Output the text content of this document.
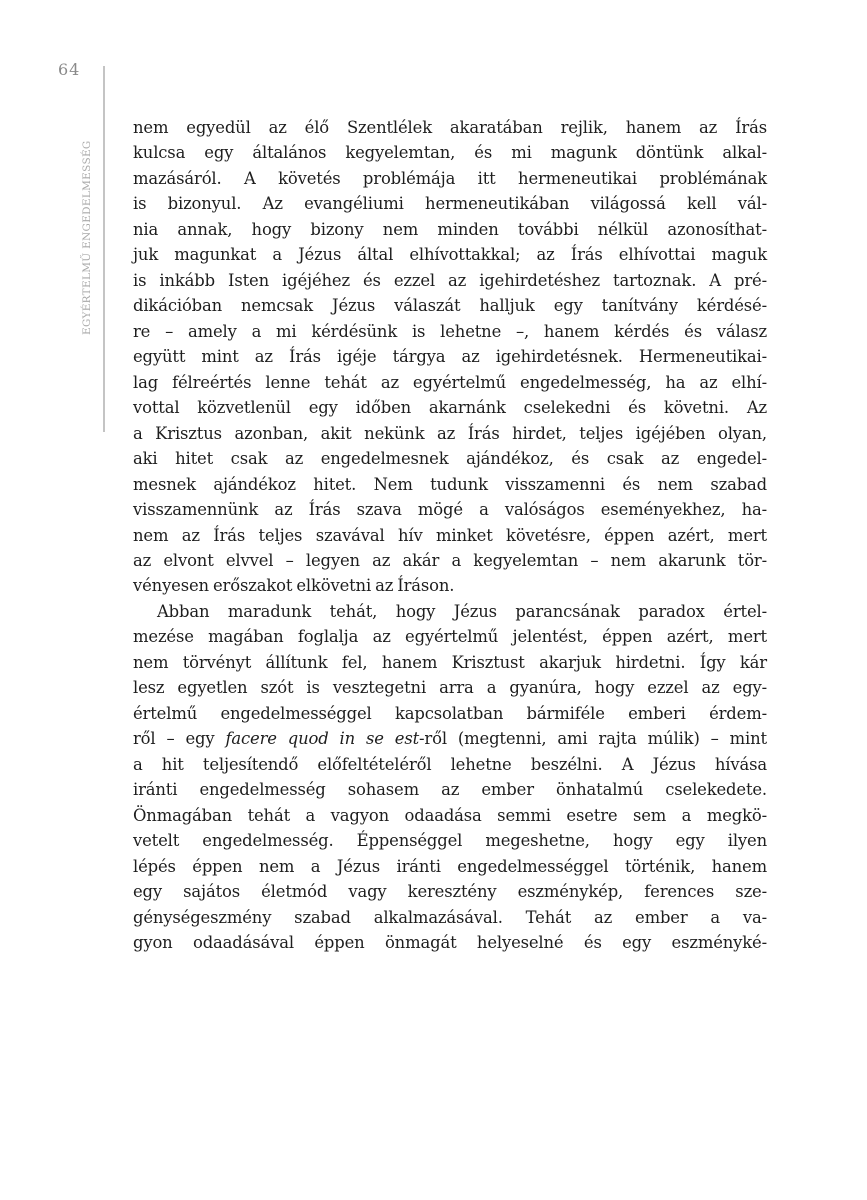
64
EGYÉRTELMŰ ENGEDELMESSÉG
nem egyedül az élő Szentlélek akaratában rejlik, hanem az Írás
kulcsa egy általános kegyelemtan, és mi magunk döntünk alkal-
mazásáról. A követés problémája itt hermeneutikai problémának
is bizonyul. Az evangéliumi hermeneutikában világossá kell vál-
nia annak, hogy bizony nem minden további nélkül azonosíthat-
juk magunkat a Jézus által elhívottakkal; az Írás elhívottai maguk
is inkább Isten igéjéhez és ezzel az igehirdetéshez tartoznak. A pré-
dikációban nemcsak Jézus válaszát halljuk egy tanítvány kérdésé-
re – amely a mi kérdésünk is lehetne –, hanem kérdés és válasz
együtt mint az Írás igéje tárgya az igehirdetésnek. Hermeneutikai-
lag félreértés lenne tehát az egyértelmű engedelmesség, ha az elhí-
vottal közvetlenül egy időben akarnánk cselekedni és követni. Az
a Krisztus azonban, akit nekünk az Írás hirdet, teljes igéjében olyan,
aki hitet csak az engedelmesnek ajándékoz, és csak az engedel-
mesnek ajándékoz hitet. Nem tudunk visszamenni és nem szabad
visszamennünk az Írás szava mögé a valóságos eseményekhez, ha-
nem az Írás teljes szavával hív minket követésre, éppen azért, mert
az elvont elvvel – legyen az akár a kegyelemtan – nem akarunk tör-
vényesen erőszakot elkövetni az Íráson.
Abban maradunk tehát, hogy Jézus parancsának paradox értel-
mezése magában foglalja az egyértelmű jelentést, éppen azért, mert
nem törvényt állítunk fel, hanem Krisztust akarjuk hirdetni. Így kár
lesz egyetlen szót is vesztegetni arra a gyanúra, hogy ezzel az egy-
értelmű engedelmességgel kapcsolatban bármiféle emberi érdem-
ről – egy facere quod in se est-ről (megtenni, ami rajta múlik) – mint
a hit teljesítendő előfeltételéről lehetne beszélni. A Jézus hívása
iránti engedelmesség sohasem az ember önhatalmú cselekedete.
Önmagában tehát a vagyon odaadása semmi esetre sem a megkö-
vetelt engedelmesség. Éppenséggel megeshetne, hogy egy ilyen
lépés éppen nem a Jézus iránti engedelmességgel történik, hanem
egy sajátos életmód vagy keresztény eszménykép, ferences sze-
génységeszmény szabad alkalmazásával. Tehát az ember a va-
gyon odaadásával éppen önmagát helyeselné és egy eszményké-
